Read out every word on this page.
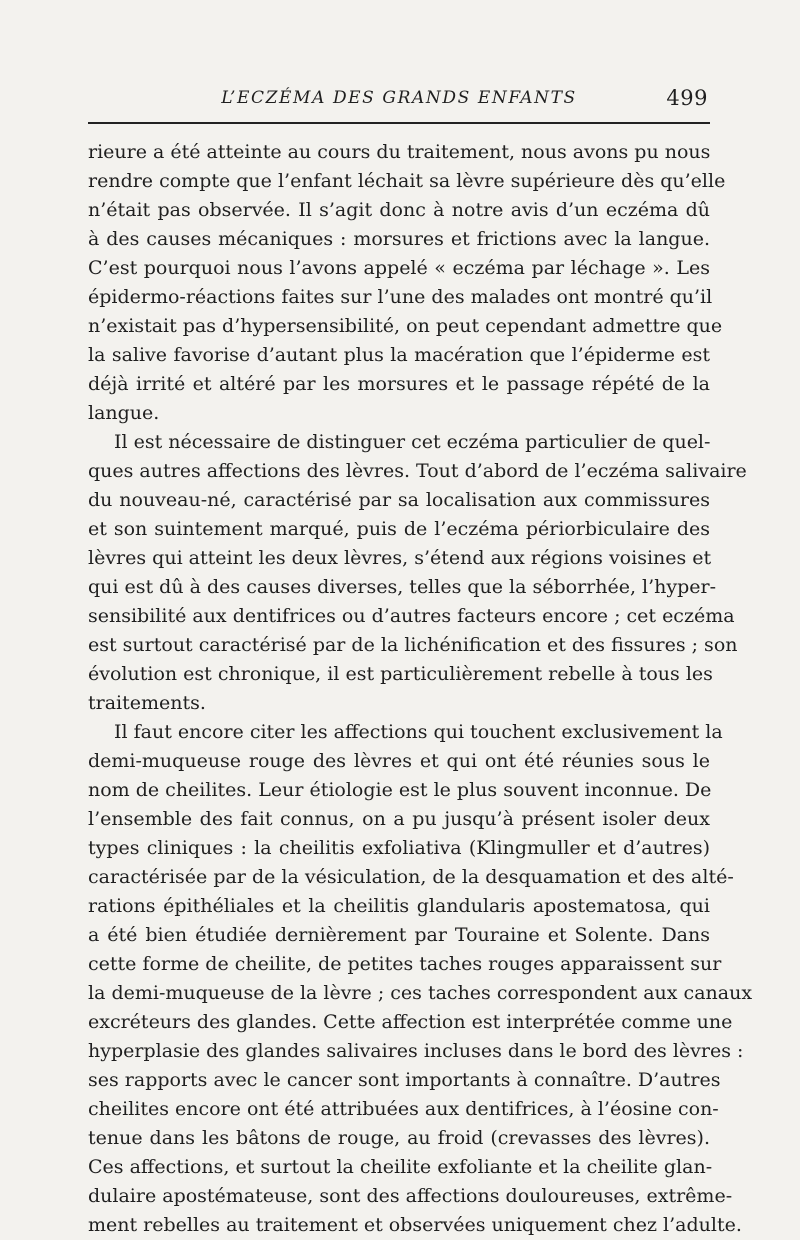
L’ECZÉMA DES GRANDS ENFANTS	499
rieure a été atteinte au cours du traitement, nous avons pu nous
rendre compte que l’enfant léchait sa lèvre supérieure dès qu’elle
n’était pas observée. Il s’agit donc à notre avis d’un eczéma dû
à des causes mécaniques : morsures et frictions avec la langue.
C’est pourquoi nous l’avons appelé « eczéma par léchage ». Les
épidermo-réactions faites sur l’une des malades ont montré qu’il
n’existait pas d’hypersensibilité, on peut cependant admettre que
la salive favorise d’autant plus la macération que l’épiderme est
déjà irrité et altéré par les morsures et le passage répété de la
langue.
Il est nécessaire de distinguer cet eczéma particulier de quel-
ques autres affections des lèvres. Tout d’abord de l’eczéma salivaire
du nouveau-né, caractérisé par sa localisation aux commissures
et son suintement marqué, puis de l’eczéma périorbiculaire des
lèvres qui atteint les deux lèvres, s’étend aux régions voisines et
qui est dû à des causes diverses, telles que la séborrhée, l’hyper-
sensibilité aux dentifrices ou d’autres facteurs encore ; cet eczéma
est surtout caractérisé par de la lichénification et des fissures ; son
évolution est chronique, il est particulièrement rebelle à tous les
traitements.
Il faut encore citer les affections qui touchent exclusivement la
demi-muqueuse rouge des lèvres et qui ont été réunies sous le
nom de cheilites. Leur étiologie est le plus souvent inconnue. De
l’ensemble des fait connus, on a pu jusqu’à présent isoler deux
types cliniques : la cheilitis exfoliativa (Klingmuller et d’autres)
caractérisée par de la vésiculation, de la desquamation et des alté-
rations épithéliales et la cheilitis glandularis apostematosa, qui
a été bien étudiée dernièrement par Touraine et Solente. Dans
cette forme de cheilite, de petites taches rouges apparaissent sur
la demi-muqueuse de la lèvre ; ces taches correspondent aux canaux
excréteurs des glandes. Cette affection est interprétée comme une
hyperplasie des glandes salivaires incluses dans le bord des lèvres :
ses rapports avec le cancer sont importants à connaître. D’autres
cheilites encore ont été attribuées aux dentifrices, à l’éosine con-
tenue dans les bâtons de rouge, au froid (crevasses des lèvres).
Ces affections, et surtout la cheilite exfoliante et la cheilite glan-
dulaire apostémateuse, sont des affections douloureuses, extrême-
ment rebelles au traitement et observées uniquement chez l’adulte.
